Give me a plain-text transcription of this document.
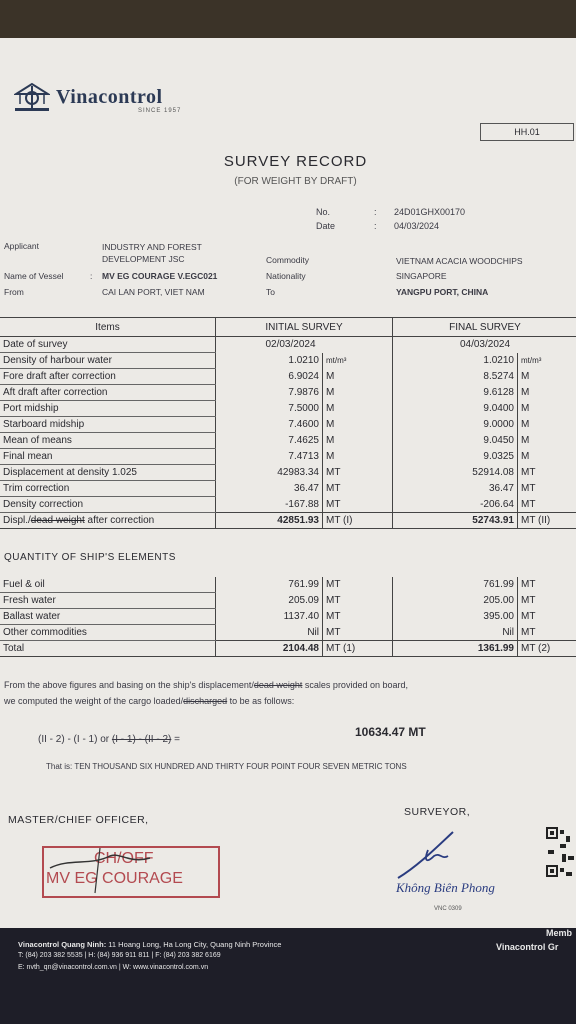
Vinacontrol
SINCE 1957
HH.01
SURVEY RECORD
(FOR WEIGHT BY DRAFT)
No.	: 24D01GHX00170
Date	: 04/03/2024
Applicant	INDUSTRY AND FOREST
DEVELOPMENT JSC
Name of Vessel	: MV EG COURAGE V.EGC021
From	CAI LAN PORT, VIET NAM
Commodity	VIETNAM ACACIA WOODCHIPS
Nationality	SINGAPORE
To	YANGPU PORT, CHINA
Items	INITIAL SURVEY		FINAL SURVEY	
Date of survey	02/03/2024		04/03/2024	
Density of harbour water	1.0210	mt/m³	1.0210	mt/m³
Fore draft after correction	6.9024	M	8.5274	M
Aft draft after correction	7.9876	M	9.6128	M
Port midship	7.5000	M	9.0400	M
Starboard midship	7.4600	M	9.0000	M
Mean of means	7.4625	M	9.0450	M
Final mean	7.4713	M	9.0325	M
Displacement at density 1.025	42983.34	MT	52914.08	MT
Trim correction	36.47	MT	36.47	MT
Density correction	-167.88	MT	-206.64	MT
Displ./dead weight after correction	42851.93	MT (I)	52743.91	MT (II)
QUANTITY OF SHIP'S ELEMENTS
Fuel & oil	761.99	MT	761.99	MT
Fresh water	205.09	MT	205.00	MT
Ballast water	1137.40	MT	395.00	MT
Other commodities	Nil	MT	Nil	MT
Total	2104.48	MT (1)	1361.99	MT (2)
From the above figures and basing on the ship's displacement/dead weight scales provided on board,
we computed the weight of the cargo loaded/discharged to be as follows:
(II - 2) - (I - 1) or (I - 1) - (II - 2) =
10634.47 MT
That is: TEN THOUSAND SIX HUNDRED AND THIRTY FOUR POINT FOUR SEVEN METRIC TONS
MASTER/CHIEF OFFICER,
SURVEYOR,
CH/OFF
MV EG COURAGE
Không Biên Phong
VNC 0309
Vinacontrol Quang Ninh: 11 Hoang Long, Ha Long City, Quang Ninh Province
T: (84) 203 382 5535 | H: (84) 936 911 811 | F: (84) 203 382 6169
E: nvth_qn@vinacontrol.com.vn | W: www.vinacontrol.com.vn
Memb
Vinacontrol Gr
